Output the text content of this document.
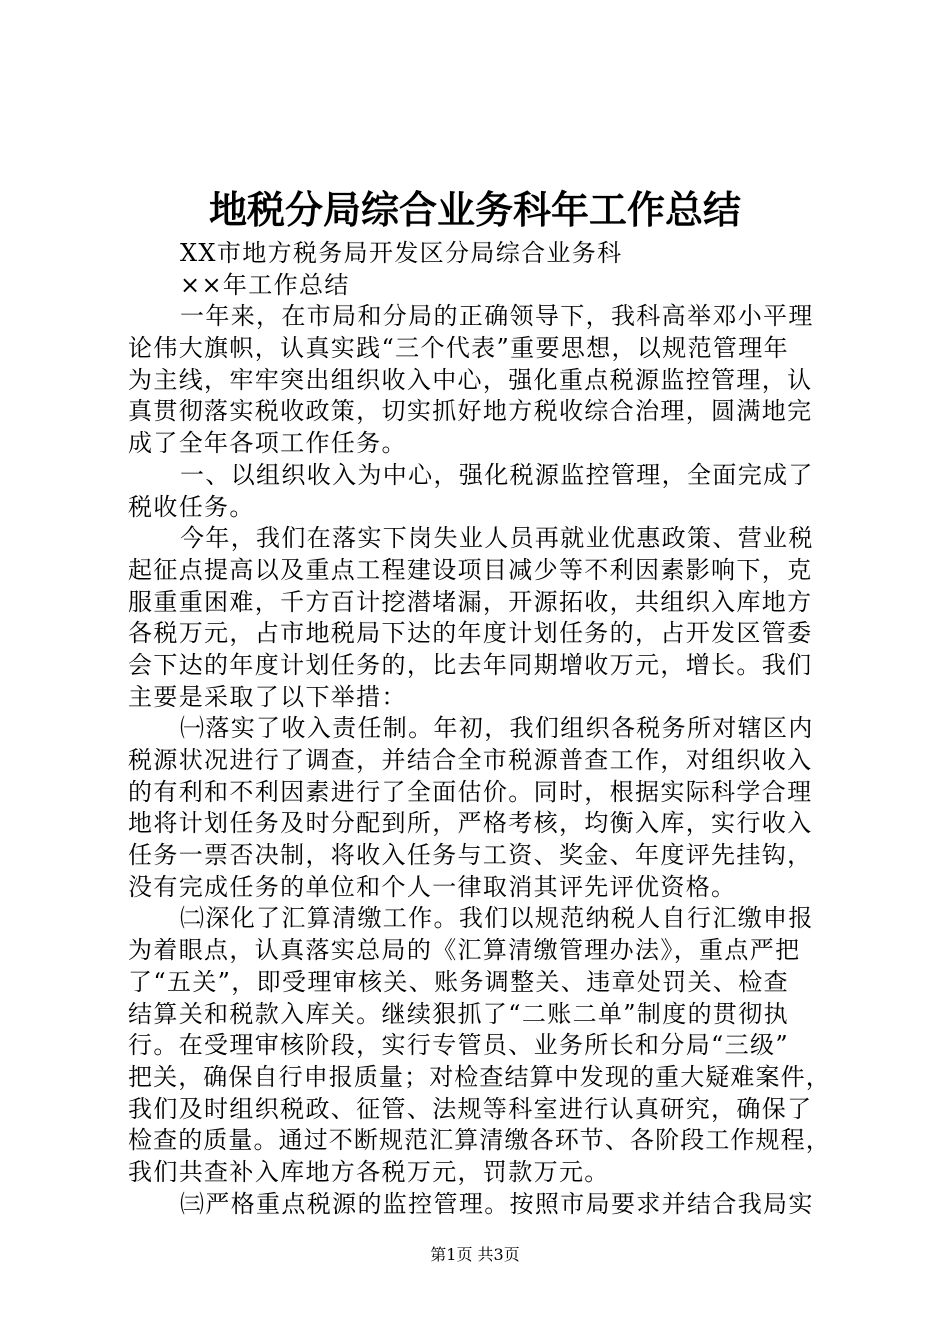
地税分局综合业务科年工作总结
XX市地方税务局开发区分局综合业务科
××年工作总结
一年来，在市局和分局的正确领导下，我科高举邓小平理
论伟大旗帜，认真实践“三个代表”重要思想，以规范管理年
为主线，牢牢突出组织收入中心，强化重点税源监控管理，认
真贯彻落实税收政策，切实抓好地方税收综合治理，圆满地完
成了全年各项工作任务。
一、以组织收入为中心，强化税源监控管理，全面完成了
税收任务。
今年，我们在落实下岗失业人员再就业优惠政策、营业税
起征点提高以及重点工程建设项目减少等不利因素影响下，克
服重重困难，千方百计挖潜堵漏，开源拓收，共组织入库地方
各税万元，占市地税局下达的年度计划任务的，占开发区管委
会下达的年度计划任务的，比去年同期增收万元，增长。我们
主要是采取了以下举措：
㈠落实了收入责任制。年初，我们组织各税务所对辖区内
税源状况进行了调查，并结合全市税源普查工作，对组织收入
的有利和不利因素进行了全面估价。同时，根据实际科学合理
地将计划任务及时分配到所，严格考核，均衡入库，实行收入
任务一票否决制，将收入任务与工资、奖金、年度评先挂钩，
没有完成任务的单位和个人一律取消其评先评优资格。
㈡深化了汇算清缴工作。我们以规范纳税人自行汇缴申报
为着眼点，认真落实总局的《汇算清缴管理办法》，重点严把
了“五关”，即受理审核关、账务调整关、违章处罚关、检查
结算关和税款入库关。继续狠抓了“二账二单”制度的贯彻执
行。在受理审核阶段，实行专管员、业务所长和分局“三级”
把关，确保自行申报质量；对检查结算中发现的重大疑难案件，
我们及时组织税政、征管、法规等科室进行认真研究，确保了
检查的质量。通过不断规范汇算清缴各环节、各阶段工作规程，
我们共查补入库地方各税万元，罚款万元。
㈢严格重点税源的监控管理。按照市局要求并结合我局实
第1页 共3页
